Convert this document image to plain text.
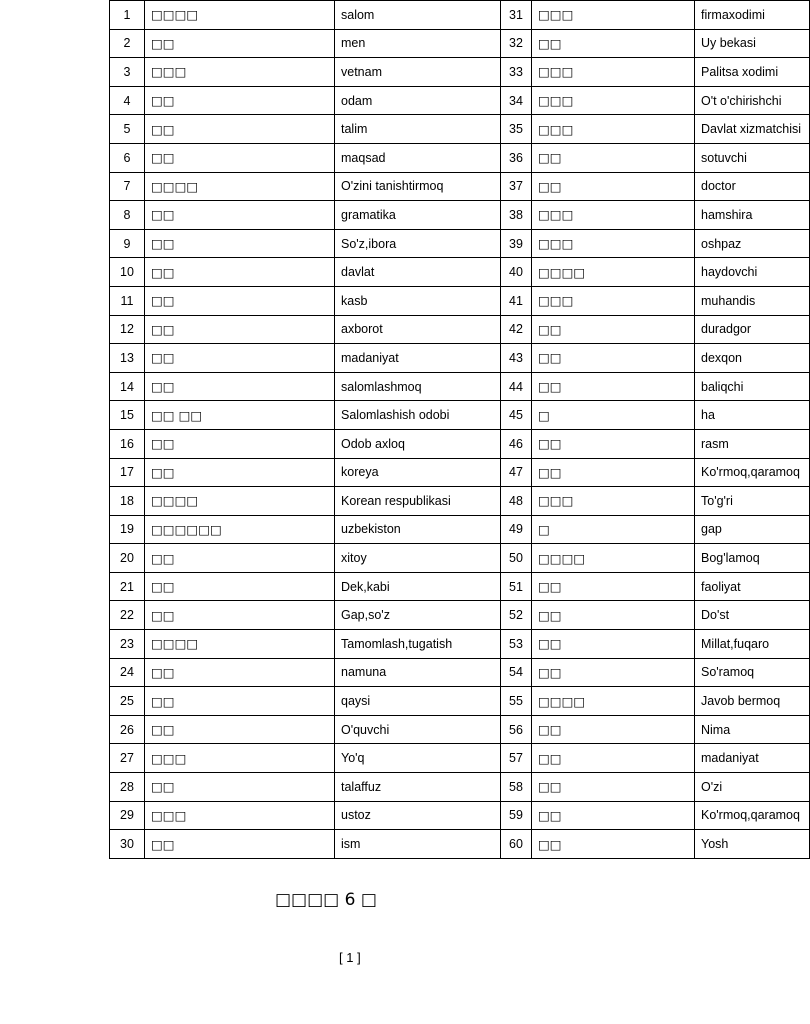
1	□□□□	salom	31	□□□	firmaxodimi
2	□□	men	32	□□	Uy bekasi
3	□□□	vetnam	33	□□□	Palitsa xodimi
4	□□	odam	34	□□□	O't o'chirishchi
5	□□	talim	35	□□□	Davlat xizmatchisi
6	□□	maqsad	36	□□	sotuvchi
7	□□□□	O'zini tanishtirmoq	37	□□	doctor
8	□□	gramatika	38	□□□	hamshira
9	□□	So'z,ibora	39	□□□	oshpaz
10	□□	davlat	40	□□□□	haydovchi
11	□□	kasb	41	□□□	muhandis
12	□□	axborot	42	□□	duradgor
13	□□	madaniyat	43	□□	dexqon
14	□□	salomlashmoq	44	□□	baliqchi
15	□□ □□	Salomlashish odobi	45	□	ha
16	□□	Odob axloq	46	□□	rasm
17	□□	koreya	47	□□	Ko'rmoq,qaramoq
18	□□□□	Korean respublikasi	48	□□□	To'g'ri
19	□□□□□□	uzbekiston	49	□	gap
20	□□	xitoy	50	□□□□	Bog'lamoq
21	□□	Dek,kabi	51	□□	faoliyat
22	□□	Gap,so'z	52	□□	Do'st
23	□□□□	Tamomlash,tugatish	53	□□	Millat,fuqaro
24	□□	namuna	54	□□	So'ramoq
25	□□	qaysi	55	□□□□	Javob bermoq
26	□□	O'quvchi	56	□□	Nima
27	□□□	Yo'q	57	□□	madaniyat
28	□□	talaffuz	58	□□	O'zi
29	□□□	ustoz	59	□□	Ko'rmoq,qaramoq
30	□□	ism	60	□□	Yosh
□□□□ 6 □
[ 1 ]
